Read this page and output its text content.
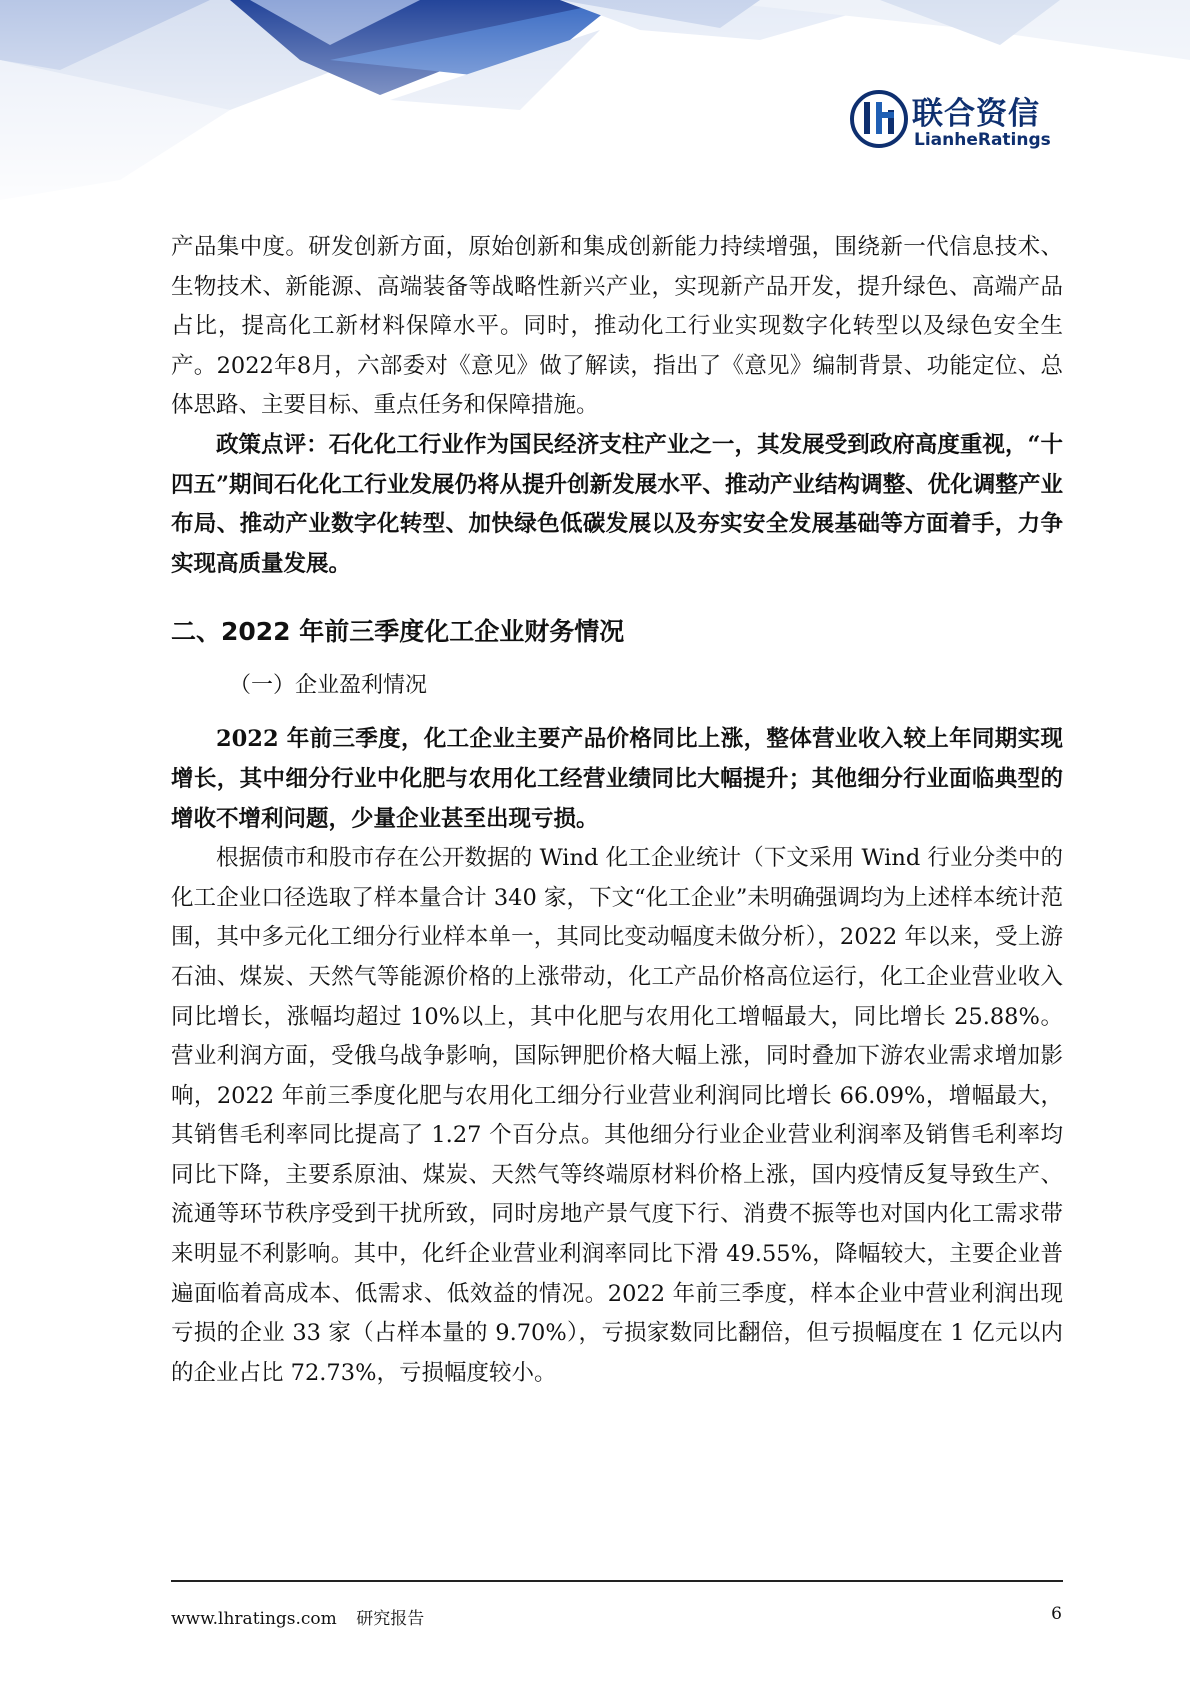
联合资信
LianheRatings

产品集中度。研发创新方面，原始创新和集成创新能力持续增强，围绕新一代信息技术、生物技术、新能源、高端装备等战略性新兴产业，实现新产品开发，提升绿色、高端产品占比，提高化工新材料保障水平。同时，推动化工行业实现数字化转型以及绿色安全生产。2022年8月，六部委对《意见》做了解读，指出了《意见》编制背景、功能定位、总体思路、主要目标、重点任务和保障措施。

政策点评：石化化工行业作为国民经济支柱产业之一，其发展受到政府高度重视，“十四五”期间石化化工行业发展仍将从提升创新发展水平、推动产业结构调整、优化调整产业布局、推动产业数字化转型、加快绿色低碳发展以及夯实安全发展基础等方面着手，力争实现高质量发展。

二、2022 年前三季度化工企业财务情况
（一）企业盈利情况

2022 年前三季度，化工企业主要产品价格同比上涨，整体营业收入较上年同期实现增长，其中细分行业中化肥与农用化工经营业绩同比大幅提升；其他细分行业面临典型的增收不增利问题，少量企业甚至出现亏损。

根据债市和股市存在公开数据的 Wind 化工企业统计（下文采用 Wind 行业分类中的化工企业口径选取了样本量合计 340 家，下文“化工企业”未明确强调均为上述样本统计范围，其中多元化工细分行业样本单一，其同比变动幅度未做分析），2022 年以来，受上游石油、煤炭、天然气等能源价格的上涨带动，化工产品价格高位运行，化工企业营业收入同比增长，涨幅均超过 10%以上，其中化肥与农用化工增幅最大，同比增长 25.88%。营业利润方面，受俄乌战争影响，国际钾肥价格大幅上涨，同时叠加下游农业需求增加影响，2022 年前三季度化肥与农用化工细分行业营业利润同比增长 66.09%，增幅最大，其销售毛利率同比提高了 1.27 个百分点。其他细分行业企业营业利润率及销售毛利率均同比下降，主要系原油、煤炭、天然气等终端原材料价格上涨，国内疫情反复导致生产、流通等环节秩序受到干扰所致，同时房地产景气度下行、消费不振等也对国内化工需求带来明显不利影响。其中，化纤企业营业利润率同比下滑 49.55%，降幅较大，主要企业普遍面临着高成本、低需求、低效益的情况。2022 年前三季度，样本企业中营业利润出现亏损的企业 33 家（占样本量的 9.70%），亏损家数同比翻倍，但亏损幅度在 1 亿元以内的企业占比 72.73%，亏损幅度较小。

www.lhratings.com 研究报告	6
